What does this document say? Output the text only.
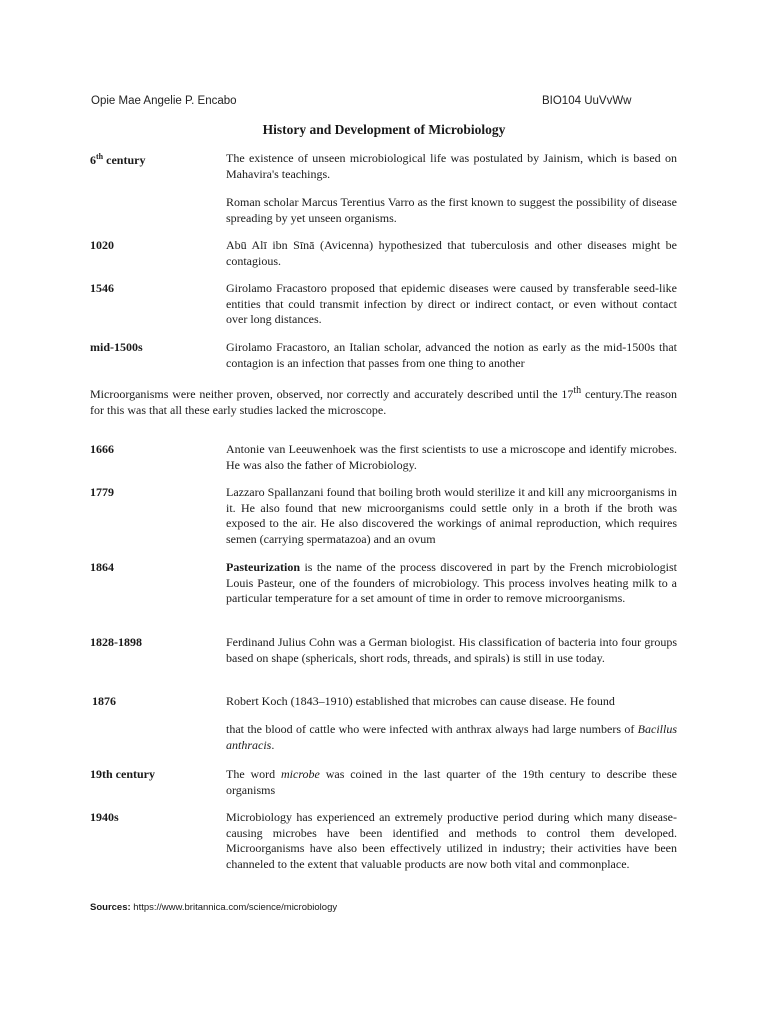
Opie Mae Angelie P. Encabo	BIO104 UuVvWw
History and Development of Microbiology
6th century	The existence of unseen microbiological life was postulated by Jainism, which is based on Mahavira's teachings.
Roman scholar Marcus Terentius Varro as the first known to suggest the possibility of disease spreading by yet unseen organisms.
1020	Abū Alī ibn Sīnā (Avicenna) hypothesized that tuberculosis and other diseases might be contagious.
1546	Girolamo Fracastoro proposed that epidemic diseases were caused by transferable seed-like entities that could transmit infection by direct or indirect contact, or even without contact over long distances.
mid-1500s	Girolamo Fracastoro, an Italian scholar, advanced the notion as early as the mid-1500s that contagion is an infection that passes from one thing to another
Microorganisms were neither proven, observed, nor correctly and accurately described until the 17th century.The reason for this was that all these early studies lacked the microscope.
1666	Antonie van Leeuwenhoek was the first scientists to use a microscope and identify microbes. He was also the father of Microbiology.
1779	Lazzaro Spallanzani found that boiling broth would sterilize it and kill any microorganisms in it. He also found that new microorganisms could settle only in a broth if the broth was exposed to the air. He also discovered the workings of animal reproduction, which requires semen (carrying spermatazoa) and an ovum
1864	Pasteurization is the name of the process discovered in part by the French microbiologist Louis Pasteur, one of the founders of microbiology. This process involves heating milk to a particular temperature for a set amount of time in order to remove microorganisms.
1828-1898	Ferdinand Julius Cohn was a German biologist. His classification of bacteria into four groups based on shape (sphericals, short rods, threads, and spirals) is still in use today.
1876	Robert Koch (1843–1910) established that microbes can cause disease. He found
that the blood of cattle who were infected with anthrax always had large numbers of Bacillus anthracis.
19th century	The word microbe was coined in the last quarter of the 19th century to describe these organisms
1940s	Microbiology has experienced an extremely productive period during which many disease-causing microbes have been identified and methods to control them developed. Microorganisms have also been effectively utilized in industry; their activities have been channeled to the extent that valuable products are now both vital and commonplace.
Sources: https://www.britannica.com/science/microbiology
